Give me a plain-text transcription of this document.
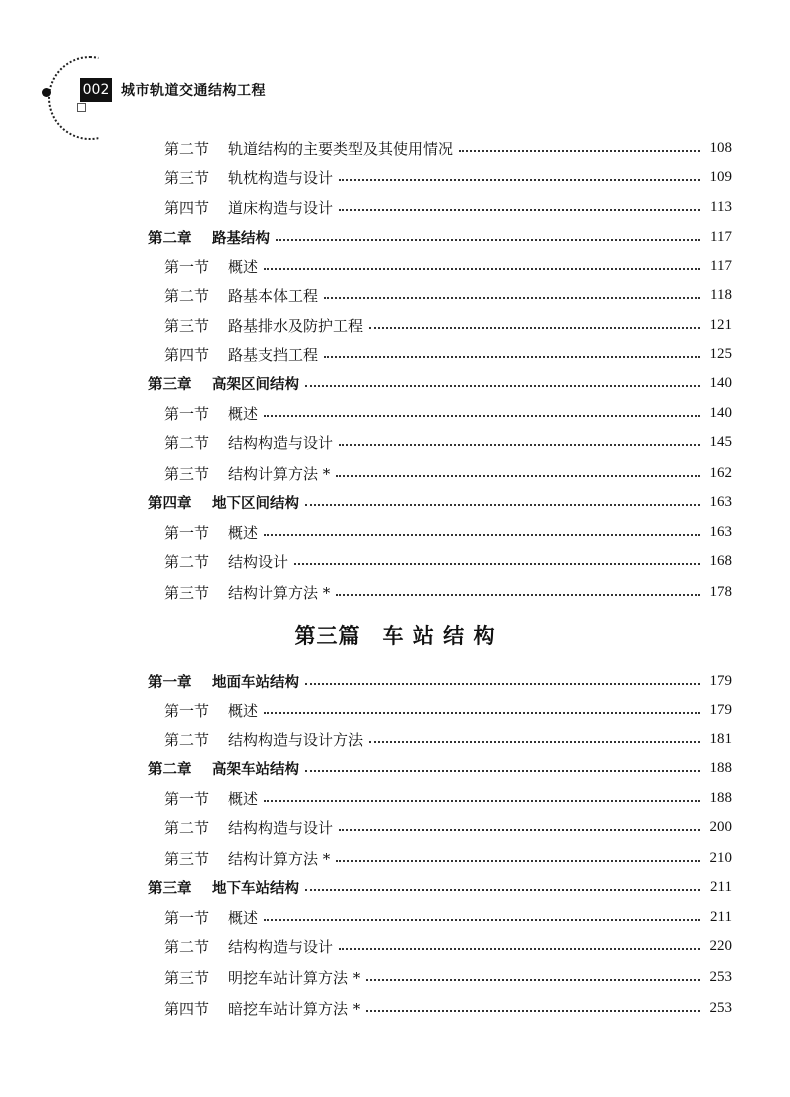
002 城市轨道交通结构工程
第二节 轨道结构的主要类型及其使用情况	108
第三节 轨枕构造与设计	109
第四节 道床构造与设计	113
第二章 路基结构	117
第一节 概述	117
第二节 路基本体工程	118
第三节 路基排水及防护工程	121
第四节 路基支挡工程	125
第三章 高架区间结构	140
第一节 概述	140
第二节 结构构造与设计	145
第三节 结构计算方法 *	162
第四章 地下区间结构	163
第一节 概述	163
第二节 结构设计	168
第三节 结构计算方法 *	178
第一章 地面车站结构	179
第一节 概述	179
第二节 结构构造与设计方法	181
第二章 高架车站结构	188
第一节 概述	188
第二节 结构构造与设计	200
第三节 结构计算方法 *	210
第三章 地下车站结构	211
第一节 概述	211
第二节 结构构造与设计	220
第三节 明挖车站计算方法 *	253
第四节 暗挖车站计算方法 *	253
第三篇 车 站 结 构
